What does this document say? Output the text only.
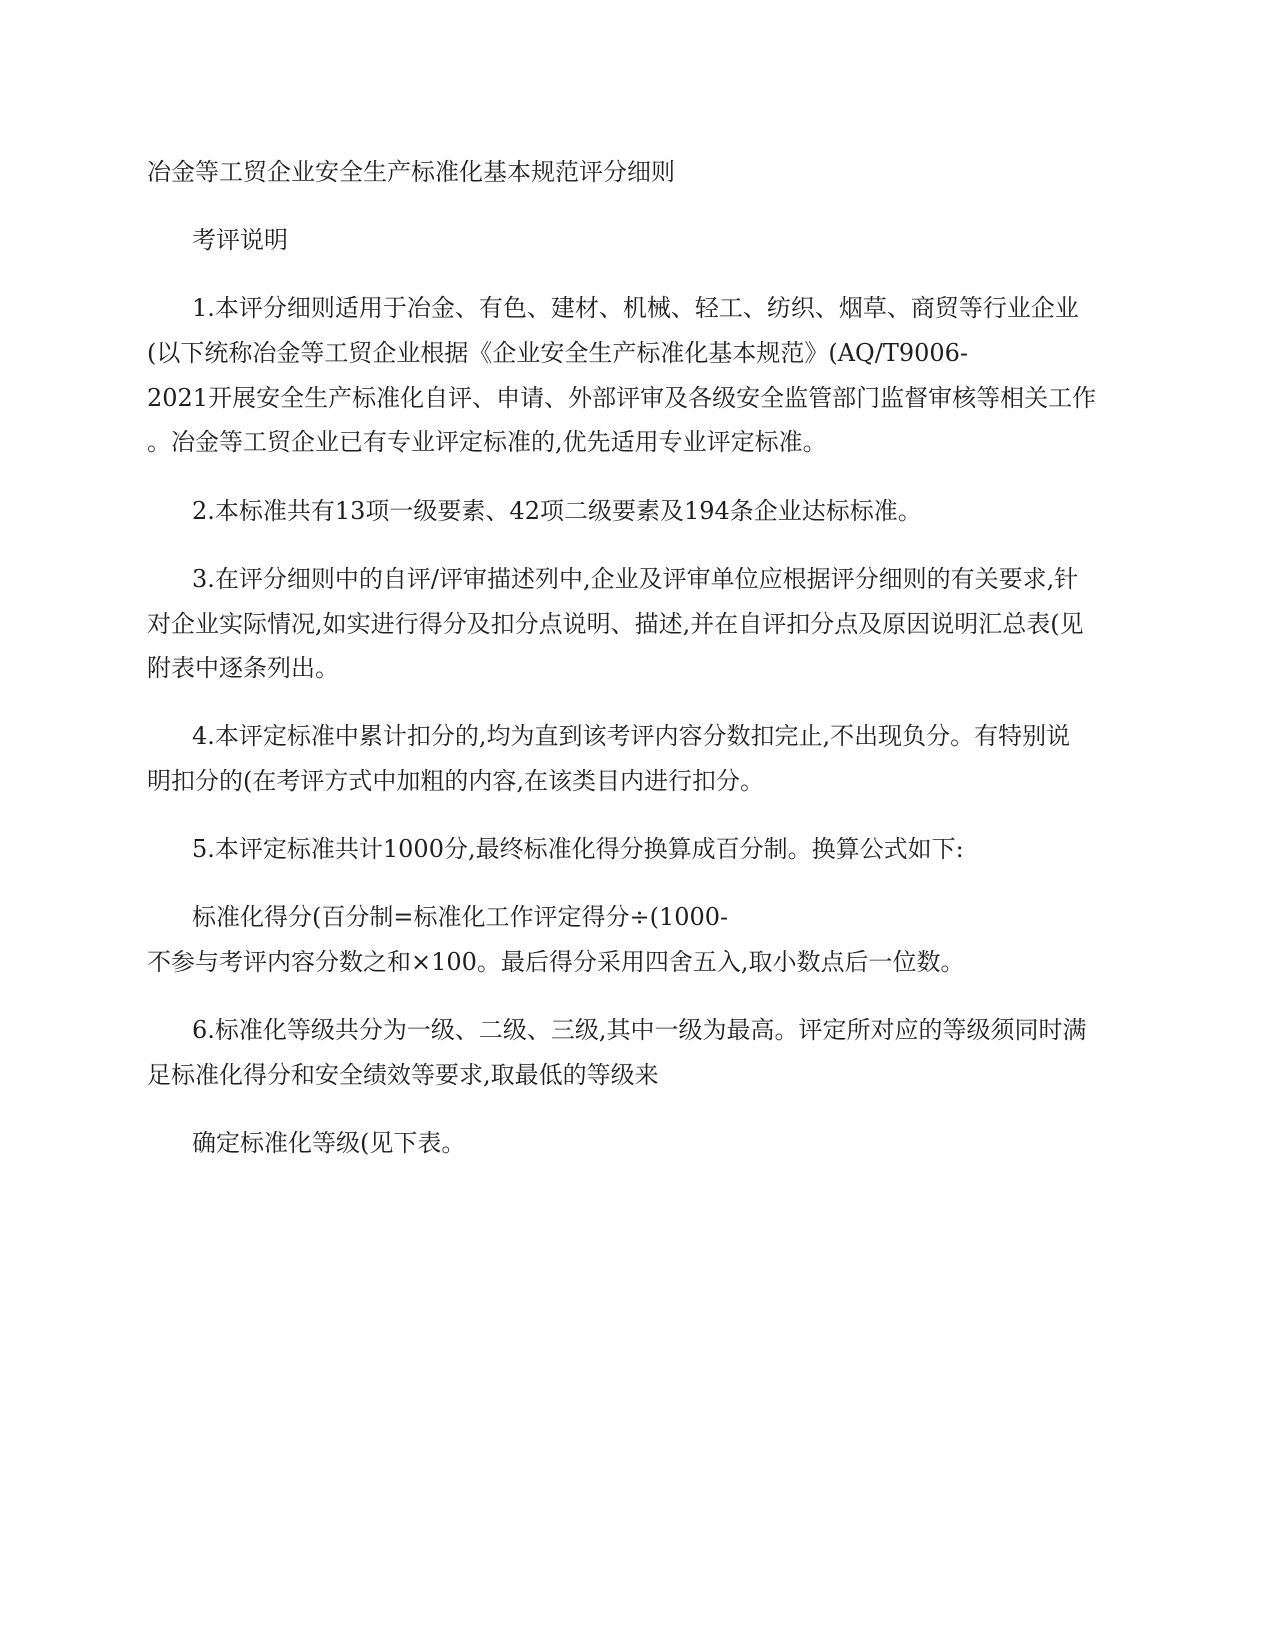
冶金等工贸企业安全生产标准化基本规范评分细则
考评说明
1.本评分细则适用于冶金、有色、建材、机械、轻工、纺织、烟草、商贸等行业企业
(以下统称冶金等工贸企业根据《企业安全生产标准化基本规范》(AQ/T9006-
2021开展安全生产标准化自评、申请、外部评审及各级安全监管部门监督审核等相关工作
。冶金等工贸企业已有专业评定标准的,优先适用专业评定标准。
2.本标准共有13项一级要素、42项二级要素及194条企业达标标准。
3.在评分细则中的自评/评审描述列中,企业及评审单位应根据评分细则的有关要求,针
对企业实际情况,如实进行得分及扣分点说明、描述,并在自评扣分点及原因说明汇总表(见
附表中逐条列出。
4.本评定标准中累计扣分的,均为直到该考评内容分数扣完止,不出现负分。有特别说
明扣分的(在考评方式中加粗的内容,在该类目内进行扣分。
5.本评定标准共计1000分,最终标准化得分换算成百分制。换算公式如下:
标准化得分(百分制=标准化工作评定得分÷(1000-
不参与考评内容分数之和×100。最后得分采用四舍五入,取小数点后一位数。
6.标准化等级共分为一级、二级、三级,其中一级为最高。评定所对应的等级须同时满
足标准化得分和安全绩效等要求,取最低的等级来
确定标准化等级(见下表。
